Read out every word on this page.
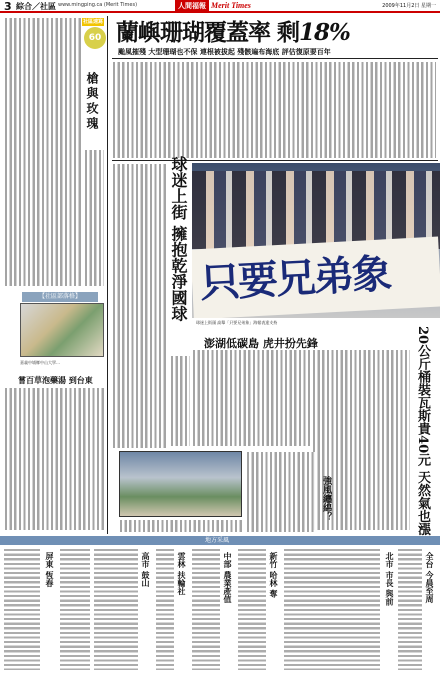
3 綜合／社區 www.mingping.ca (Merit Times)	人間福報 Merit Times	2009年11月2日 星期一
社區速寫
60
槍與玫瑰
【社區部落格】
嘉義中埔鄉中山大學…
嘗百草泡藥湯 到台東
蘭嶼珊瑚覆蓋率 剩18%
颱風摧殘 大型珊瑚也不保 連根被拔起 殘骸遍布海底 評估復原要百年
球迷上街 擁抱乾淨國球 只要兄弟象
球迷上街頭 高舉「只要兄弟象」海報表達支持
澎湖低碳島 虎井扮先鋒	20公斤桶裝瓦斯貴40元 天然氣也漲
強風纏綿？
地方采風
屏東 恆春	高市 鼓山	雲林 扶輪社	中部 農業產值	新竹 哈林 奪	北市 市長 與前	全台 今晨至周
